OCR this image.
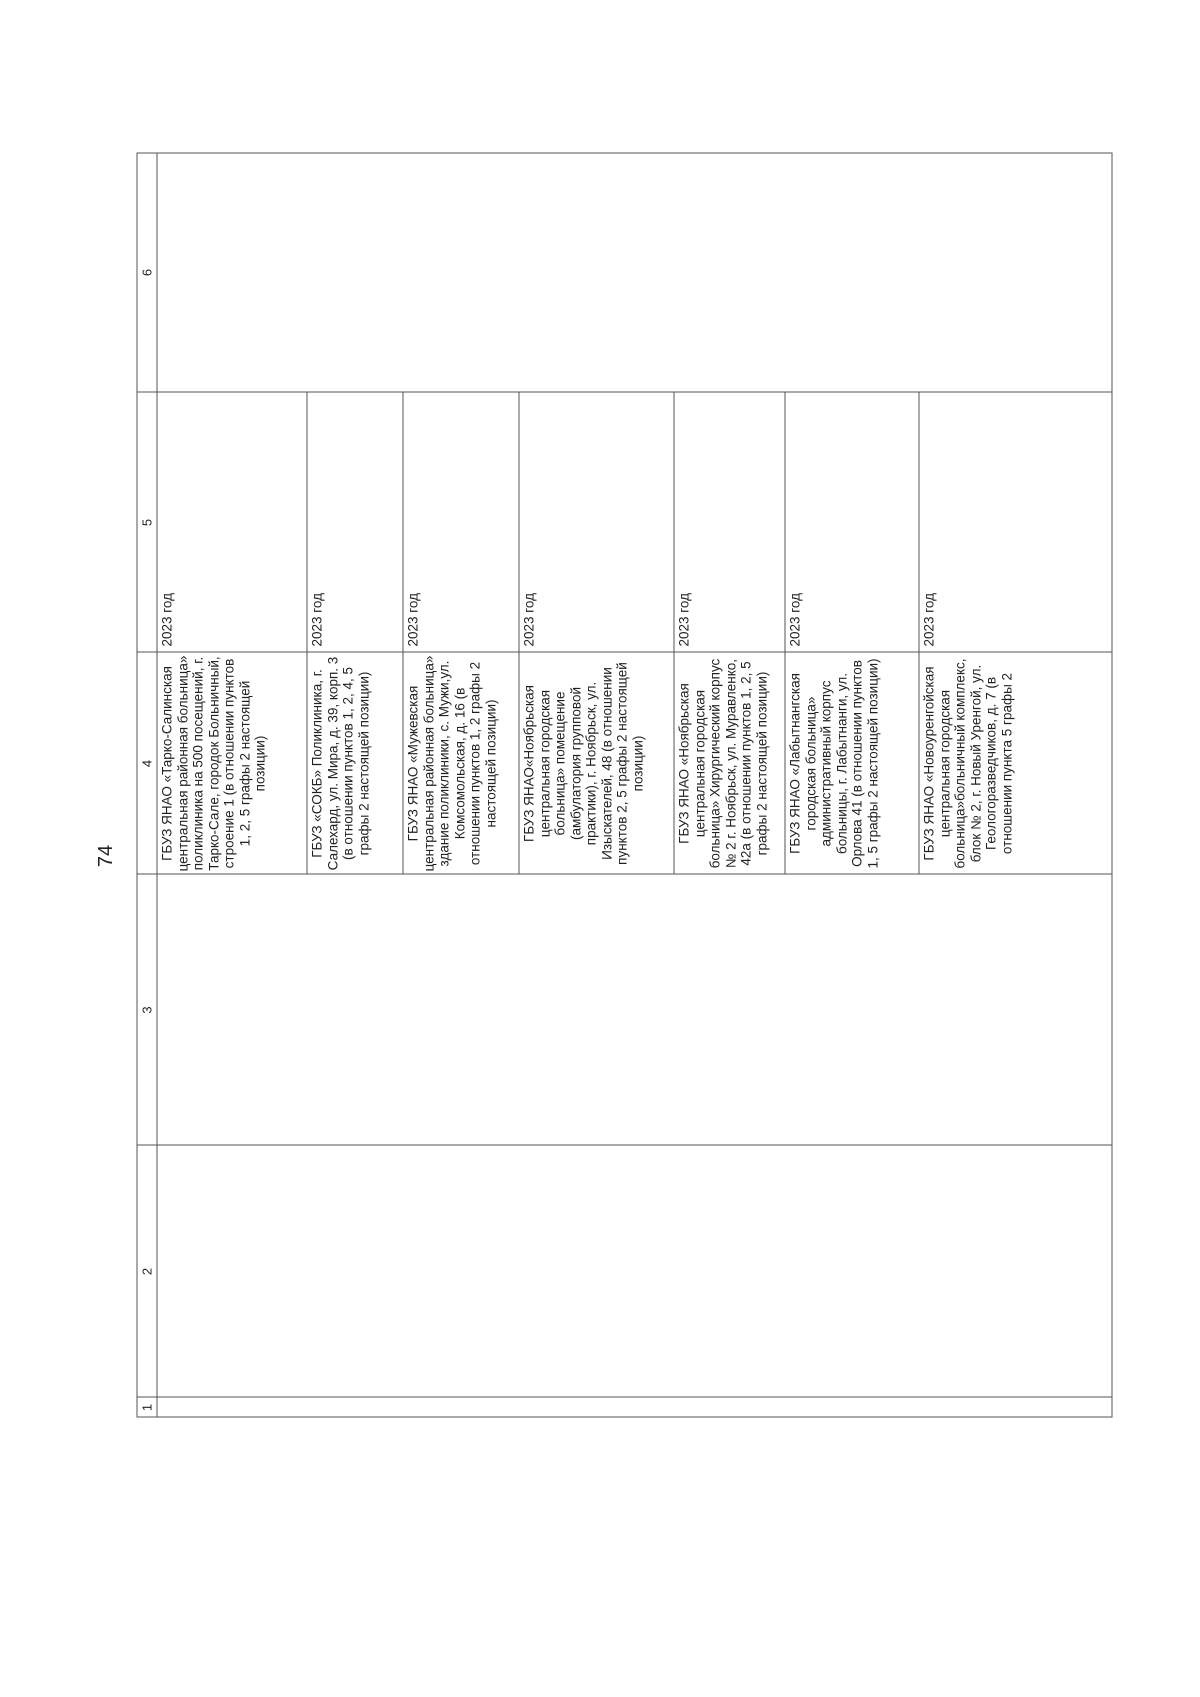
74
1
2
3
4
5
6
ГБУЗ ЯНАО «Тарко-Салинская центральная районная больница» поликлиника на 500 посещений, г. Тарко-Сале, городок Больничный, строение 1 (в отношении пунктов 1, 2, 5 графы 2 настоящей позиции)
2023 год
ГБУЗ «СОКБ» Поликлиника, г. Салехард, ул. Мира, д. 39, корп. 3 (в отношении пунктов 1, 2, 4, 5 графы 2 настоящей позиции)
2023 год
ГБУЗ ЯНАО «Мужевская центральная районная больница» здание поликлиники, с. Мужи,ул. Комсомольская, д. 16 (в отношении пунктов 1, 2 графы 2 настоящей позиции)
2023 год
ГБУЗ ЯНАО«Ноябрьская центральная городская больница» помещение (амбулатория групповой практики), г. Ноябрьск, ул. Изыскателей, 48 (в отношении пунктов 2, 5 графы 2 настоящей позиции)
2023 год
ГБУЗ ЯНАО «Ноябрьская центральная городская больница» Хирургический корпус № 2 г. Ноябрьск, ул. Муравленко, 42а (в отношении пунктов 1, 2, 5 графы 2 настоящей позиции)
2023 год
ГБУЗ ЯНАО «Лабытнангская городская больница» административный корпус больницы, г. Лабытнанги, ул. Орлова 41 (в отношении пунктов 1, 5 графы 2 настоящей позиции)
2023 год
ГБУЗ ЯНАО «Новоуренгойская центральная городская больница»больничный комплекс, блок № 2, г. Новый Уренгой, ул. Геологоразведчиков, д. 7 (в отношении пункта 5 графы 2
2023 год
